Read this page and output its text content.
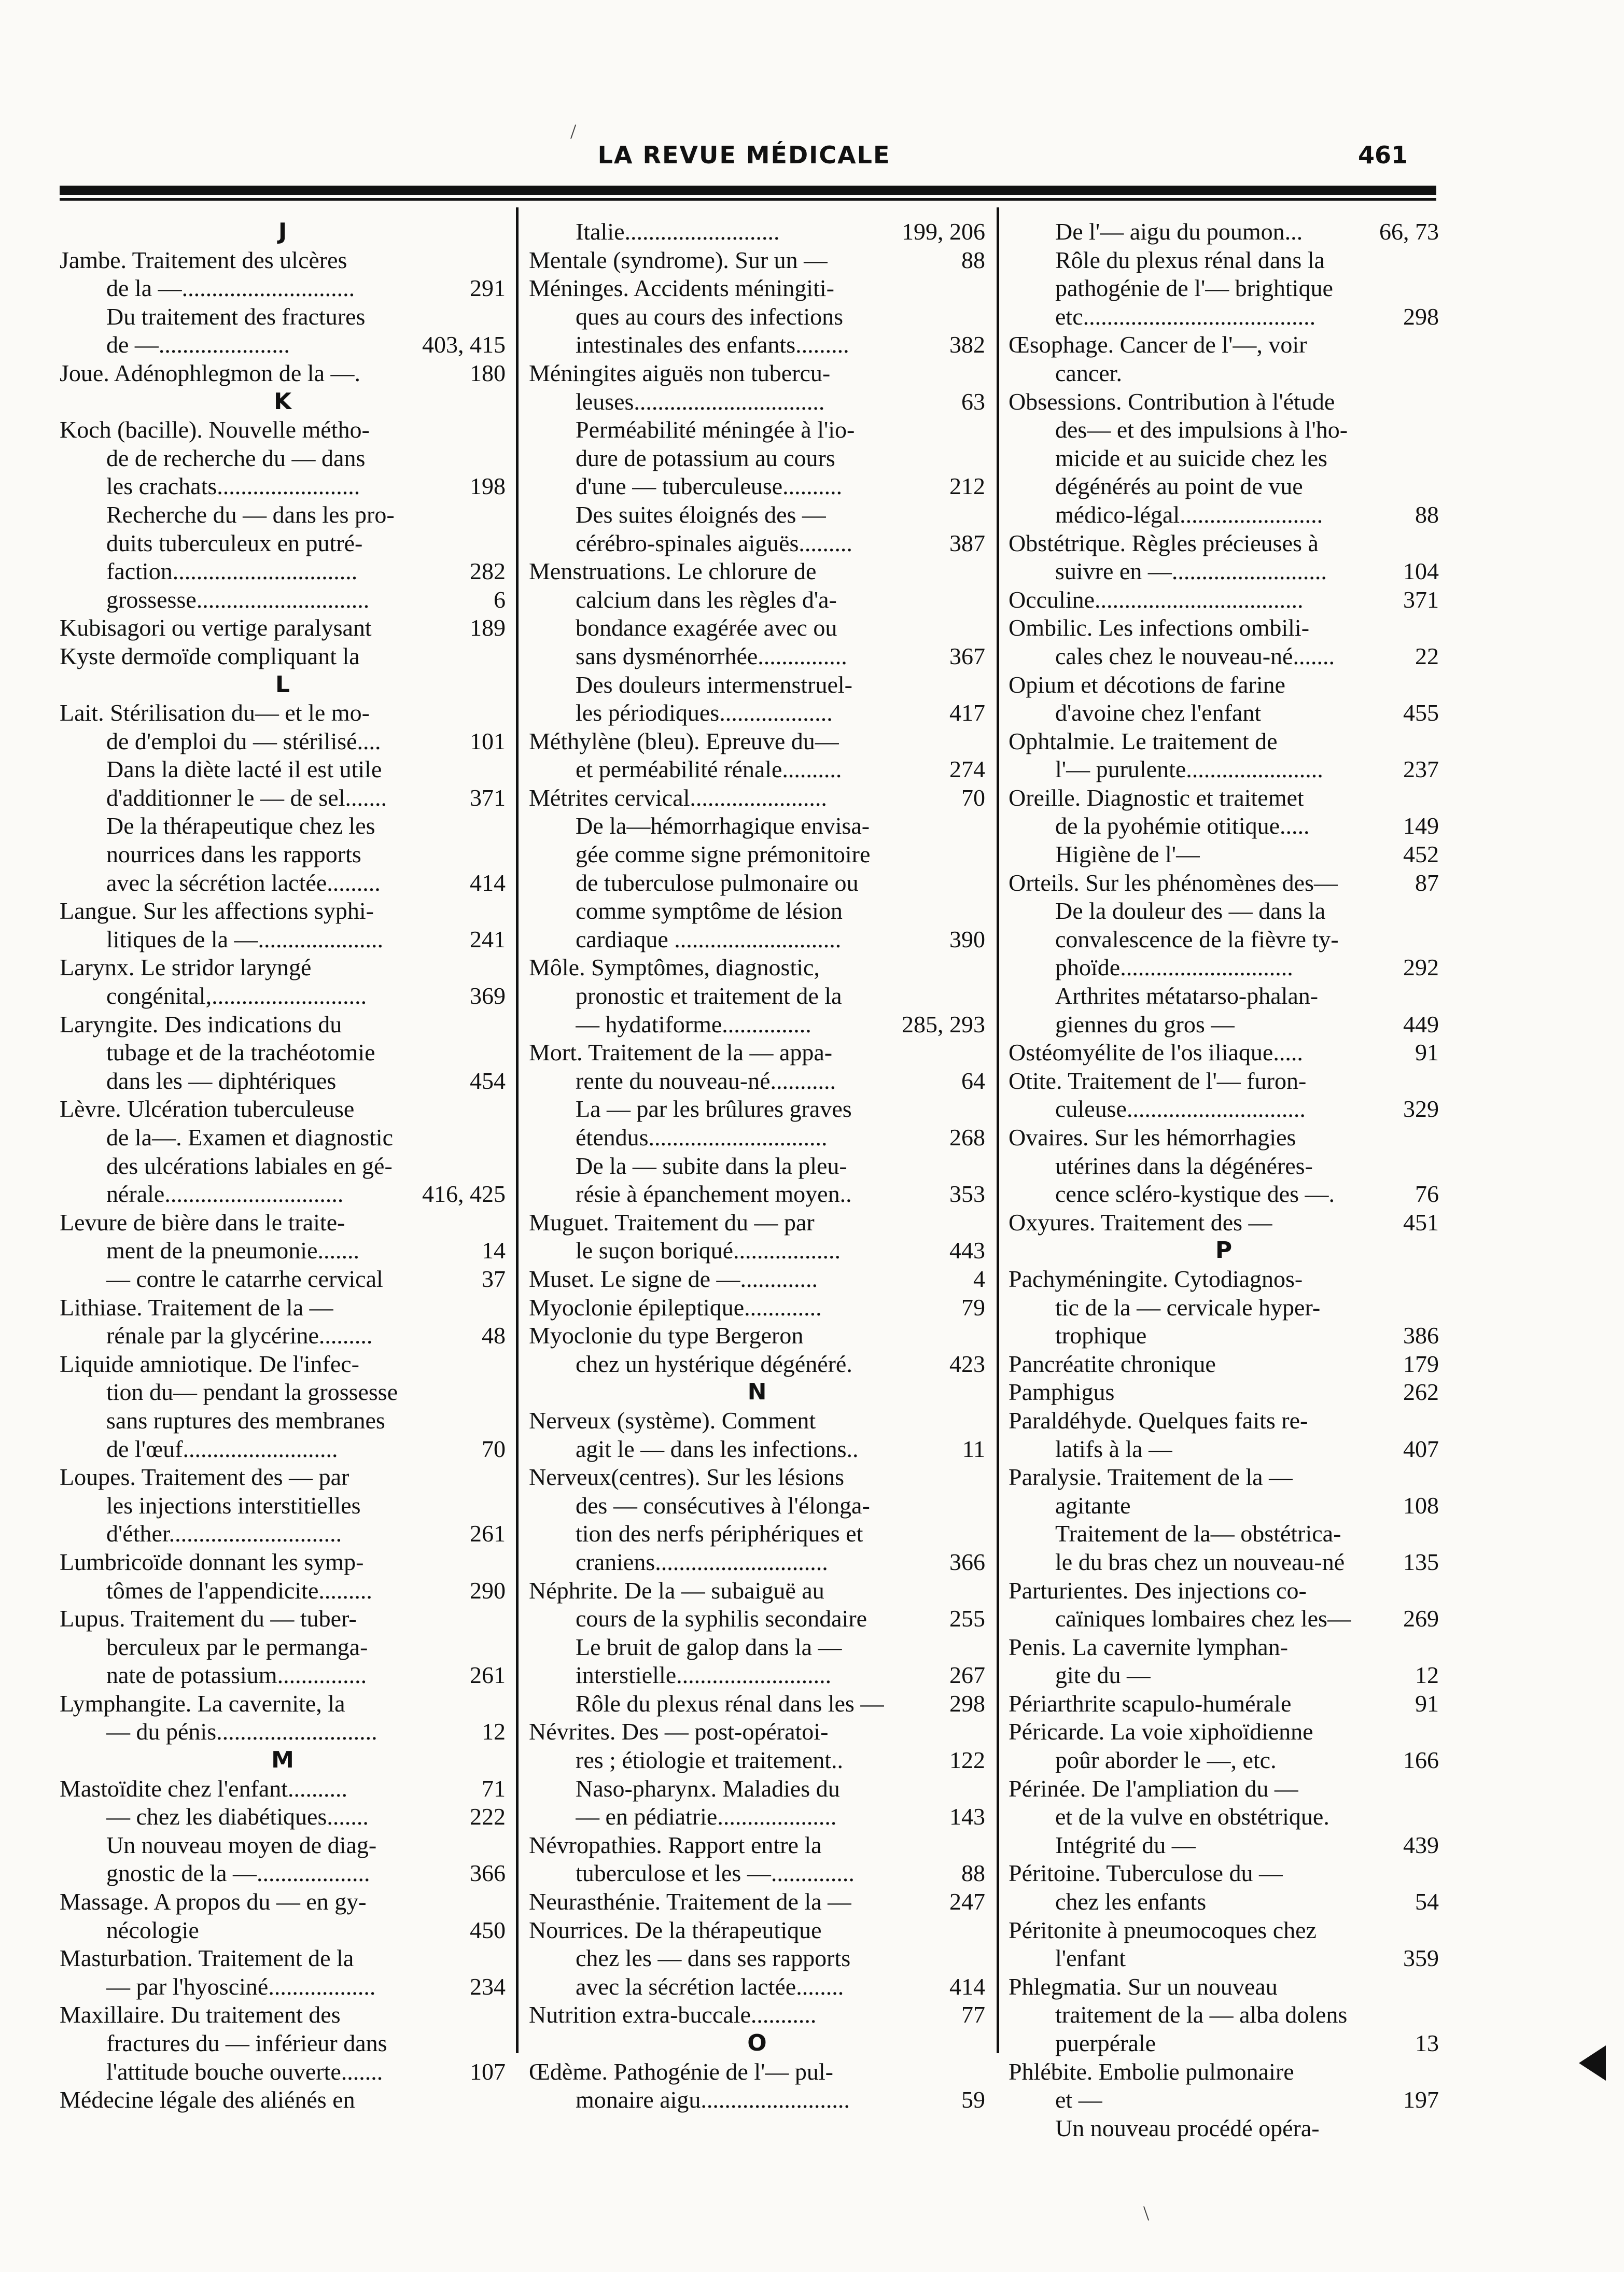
LA REVUE MÉDICALE	461
J
Jambe. Traitement des ulcères
de la —.............................	291
Du traitement des fractures
de —......................	403, 415
Joue. Adénophlegmon de la —.	180
K
Koch (bacille). Nouvelle métho-
de de recherche du — dans
les crachats........................	198
Recherche du — dans les pro-
duits tuberculeux en putré-
faction...............................	282
grossesse.............................	6
Kubisagori ou vertige paralysant	189
Kyste dermoïde compliquant la
L
Lait. Stérilisation du— et le mo-
de d'emploi du — stérilisé....	101
Dans la diète lacté il est utile
d'additionner le — de sel.......	371
De la thérapeutique chez les
nourrices dans les rapports
avec la sécrétion lactée.........	414
Langue. Sur les affections syphi-
litiques de la —.....................	241
Larynx. Le stridor laryngé
congénital,..........................	369
Laryngite. Des indications du
tubage et de la trachéotomie
dans les — diphtériques	454
Lèvre. Ulcération tuberculeuse
de la—. Examen et diagnostic
des ulcérations labiales en gé-
nérale..............................	416, 425
Levure de bière dans le traite-
ment de la pneumonie.......	14
— contre le catarrhe cervical	37
Lithiase. Traitement de la —
rénale par la glycérine.........	48
Liquide amniotique. De l'infec-
tion du— pendant la grossesse
sans ruptures des membranes
de l'œuf..........................	70
Loupes. Traitement des — par
les injections interstitielles
d'éther.............................	261
Lumbricoïde donnant les symp-
tômes de l'appendicite.........	290
Lupus. Traitement du — tuber-
berculeux par le permanga-
nate de potassium...............	261
Lymphangite. La cavernite, la
— du pénis...........................	12
M
Mastoïdite chez l'enfant..........	71
— chez les diabétiques.......	222
Un nouveau moyen de diag-
gnostic de la —...................	366
Massage. A propos du — en gy-
nécologie	450
Masturbation. Traitement de la
— par l'hyosciné..................	234
Maxillaire. Du traitement des
fractures du — inférieur dans
l'attitude bouche ouverte.......	107
Médecine légale des aliénés en
Italie..........................	199, 206
Mentale (syndrome). Sur un —	88
Méninges. Accidents méningiti-
ques au cours des infections
intestinales des enfants.........	382
Méningites aiguës non tubercu-
leuses................................	63
Perméabilité méningée à l'io-
dure de potassium au cours
d'une — tuberculeuse..........	212
Des suites éloignés des —
cérébro-spinales aiguës.........	387
Menstruations. Le chlorure de
calcium dans les règles d'a-
bondance exagérée avec ou
sans dysménorrhée...............	367
Des douleurs intermenstruel-
les périodiques...................	417
Méthylène (bleu). Epreuve du—
et perméabilité rénale..........	274
Métrites cervical.......................	70
De la—hémorrhagique envisa-
gée comme signe prémonitoire
de tuberculose pulmonaire ou
comme symptôme de lésion
cardiaque ............................	390
Môle. Symptômes, diagnostic,
pronostic et traitement de la
— hydatiforme...............	285, 293
Mort. Traitement de la — appa-
rente du nouveau-né...........	64
La — par les brûlures graves
étendus..............................	268
De la — subite dans la pleu-
résie à épanchement moyen..	353
Muguet. Traitement du — par
le suçon boriqué..................	443
Muset. Le signe de —.............	4
Myoclonie épileptique.............	79
Myoclonie du type Bergeron
chez un hystérique dégénéré.	423
N
Nerveux (système). Comment
agit le — dans les infections..	11
Nerveux(centres). Sur les lésions
des — consécutives à l'élonga-
tion des nerfs périphériques et
craniens.............................	366
Néphrite. De la — subaiguë au
cours de la syphilis secondaire	255
Le bruit de galop dans la —
interstielle..........................	267
Rôle du plexus rénal dans les —	298
Névrites. Des — post-opératoi-
res ; étiologie et traitement..	122
Naso-pharynx. Maladies du
— en pédiatrie....................	143
Névropathies. Rapport entre la
tuberculose et les —..............	88
Neurasthénie. Traitement de la —	247
Nourrices. De la thérapeutique
chez les — dans ses rapports
avec la sécrétion lactée........	414
Nutrition extra-buccale...........	77
O
Œdème. Pathogénie de l'— pul-
monaire aigu.........................	59
De l'— aigu du poumon...	66, 73
Rôle du plexus rénal dans la
pathogénie de l'— brightique
etc.......................................	298
Œsophage. Cancer de l'—, voir
cancer.
Obsessions. Contribution à l'étude
des— et des impulsions à l'ho-
micide et au suicide chez les
dégénérés au point de vue
médico-légal........................	88
Obstétrique. Règles précieuses à
suivre en —..........................	104
Occuline...................................	371
Ombilic. Les infections ombili-
cales chez le nouveau-né.......	22
Opium et décotions de farine
d'avoine chez l'enfant	455
Ophtalmie. Le traitement de
l'— purulente.......................	237
Oreille. Diagnostic et traitemet
de la pyohémie otitique.....	149
Higiène de l'—	452
Orteils. Sur les phénomènes des—	87
De la douleur des — dans la
convalescence de la fièvre ty-
phoïde.............................	292
Arthrites métatarso-phalan-
giennes du gros —	449
Ostéomyélite de l'os iliaque.....	91
Otite. Traitement de l'— furon-
culeuse..............................	329
Ovaires. Sur les hémorrhagies
utérines dans la dégénéres-
cence scléro-kystique des —.	76
Oxyures. Traitement des —	451
P
Pachyméningite. Cytodiagnos-
tic de la — cervicale hyper-
trophique	386
Pancréatite chronique	179
Pamphigus	262
Paraldéhyde. Quelques faits re-
latifs à la —	407
Paralysie. Traitement de la —
agitante	108
Traitement de la— obstétrica-
le du bras chez un nouveau-né	135
Parturientes. Des injections co-
caïniques lombaires chez les—	269
Penis. La cavernite lymphan-
gite du —	12
Périarthrite scapulo-humérale	91
Péricarde. La voie xiphoïdienne
poûr aborder le —, etc.	166
Périnée. De l'ampliation du —
et de la vulve en obstétrique.
Intégrité du —	439
Péritoine. Tuberculose du —
chez les enfants	54
Péritonite à pneumocoques chez
l'enfant	359
Phlegmatia. Sur un nouveau
traitement de la — alba dolens
puerpérale	13
Phlébite. Embolie pulmonaire
et —	197
Un nouveau procédé opéra-
/
\
